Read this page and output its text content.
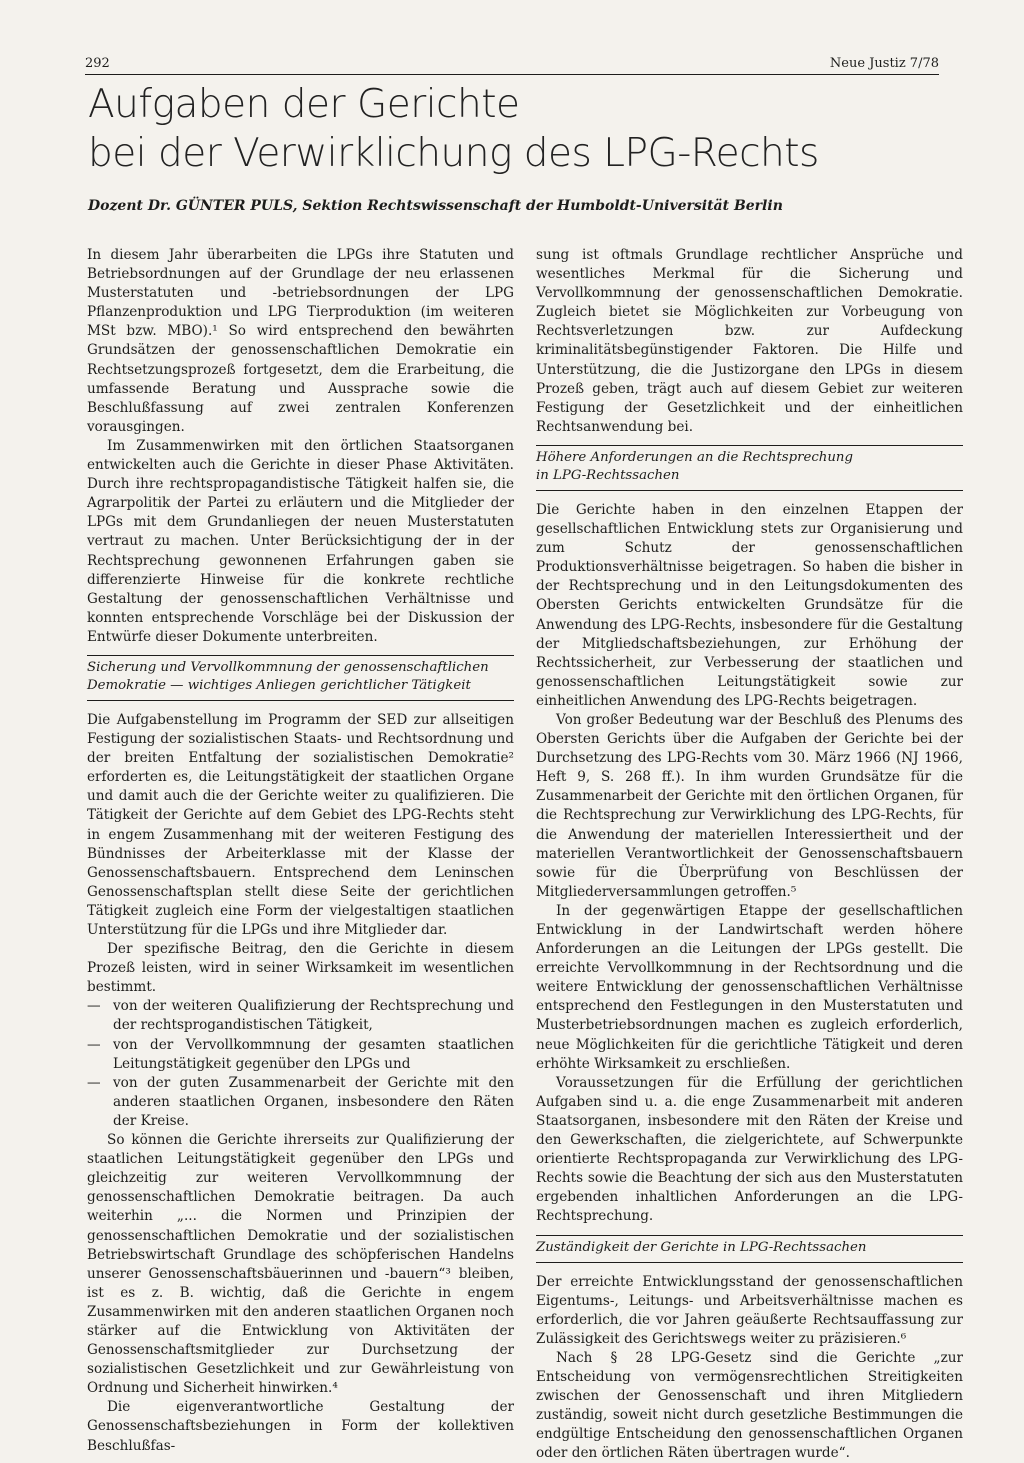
292	Neue Justiz 7/78
Aufgaben der Gerichte
bei der Verwirklichung des LPG-Rechts
Dozent Dr. GÜNTER PULS, Sektion Rechtswissenschaft der Humboldt-Universität Berlin

In diesem Jahr überarbeiten die LPGs ihre Statuten und Betriebsordnungen auf der Grundlage der neu erlassenen Musterstatuten und -betriebsordnungen der LPG Pflanzenproduktion und LPG Tierproduktion (im weiteren MSt bzw. MBO).¹ So wird entsprechend den bewährten Grundsätzen der genossenschaftlichen Demokratie ein Rechtsetzungsprozeß fortgesetzt, dem die Erarbeitung, die umfassende Beratung und Aussprache sowie die Beschlußfassung auf zwei zentralen Konferenzen vorausgingen.

Im Zusammenwirken mit den örtlichen Staatsorganen entwickelten auch die Gerichte in dieser Phase Aktivitäten. Durch ihre rechtspropagandistische Tätigkeit halfen sie, die Agrarpolitik der Partei zu erläutern und die Mitglieder der LPGs mit dem Grundanliegen der neuen Musterstatuten vertraut zu machen. Unter Berücksichtigung der in der Rechtsprechung gewonnenen Erfahrungen gaben sie differenzierte Hinweise für die konkrete rechtliche Gestaltung der genossenschaftlichen Verhältnisse und konnten entsprechende Vorschläge bei der Diskussion der Entwürfe dieser Dokumente unterbreiten.

Sicherung und Vervollkommnung der genossenschaftlichen
Demokratie — wichtiges Anliegen gerichtlicher Tätigkeit

Die Aufgabenstellung im Programm der SED zur allseitigen Festigung der sozialistischen Staats- und Rechtsordnung und der breiten Entfaltung der sozialistischen Demokratie² erforderten es, die Leitungstätigkeit der staatlichen Organe und damit auch die der Gerichte weiter zu qualifizieren. Die Tätigkeit der Gerichte auf dem Gebiet des LPG-Rechts steht in engem Zusammenhang mit der weiteren Festigung des Bündnisses der Arbeiterklasse mit der Klasse der Genossenschaftsbauern. Entsprechend dem Leninschen Genossenschaftsplan stellt diese Seite der gerichtlichen Tätigkeit zugleich eine Form der vielgestaltigen staatlichen Unterstützung für die LPGs und ihre Mitglieder dar.

Der spezifische Beitrag, den die Gerichte in diesem Prozeß leisten, wird in seiner Wirksamkeit im wesentlichen bestimmt.

— von der weiteren Qualifizierung der Rechtsprechung und der rechtsprogandistischen Tätigkeit,
— von der Vervollkommnung der gesamten staatlichen Leitungstätigkeit gegenüber den LPGs und
— von der guten Zusammenarbeit der Gerichte mit den anderen staatlichen Organen, insbesondere den Räten der Kreise.

So können die Gerichte ihrerseits zur Qualifizierung der staatlichen Leitungstätigkeit gegenüber den LPGs und gleichzeitig zur weiteren Vervollkommnung der genossenschaftlichen Demokratie beitragen. Da auch weiterhin „... die Normen und Prinzipien der genossenschaftlichen Demokratie und der sozialistischen Betriebswirtschaft Grundlage des schöpferischen Handelns unserer Genossenschaftsbäuerinnen und -bauern“³ bleiben, ist es z. B. wichtig, daß die Gerichte in engem Zusammenwirken mit den anderen staatlichen Organen noch stärker auf die Entwicklung von Aktivitäten der Genossenschaftsmitglieder zur Durchsetzung der sozialistischen Gesetzlichkeit und zur Gewährleistung von Ordnung und Sicherheit hinwirken.⁴

Die eigenverantwortliche Gestaltung der Genossenschaftsbeziehungen in Form der kollektiven Beschlußfas-

sung ist oftmals Grundlage rechtlicher Ansprüche und wesentliches Merkmal für die Sicherung und Vervollkommnung der genossenschaftlichen Demokratie. Zugleich bietet sie Möglichkeiten zur Vorbeugung von Rechtsverletzungen bzw. zur Aufdeckung kriminalitätsbegünstigender Faktoren. Die Hilfe und Unterstützung, die die Justizorgane den LPGs in diesem Prozeß geben, trägt auch auf diesem Gebiet zur weiteren Festigung der Gesetzlichkeit und der einheitlichen Rechtsanwendung bei.

Höhere Anforderungen an die Rechtsprechung
in LPG-Rechtssachen

Die Gerichte haben in den einzelnen Etappen der gesellschaftlichen Entwicklung stets zur Organisierung und zum Schutz der genossenschaftlichen Produktionsverhältnisse beigetragen. So haben die bisher in der Rechtsprechung und in den Leitungsdokumenten des Obersten Gerichts entwickelten Grundsätze für die Anwendung des LPG-Rechts, insbesondere für die Gestaltung der Mitgliedschaftsbeziehungen, zur Erhöhung der Rechtssicherheit, zur Verbesserung der staatlichen und genossenschaftlichen Leitungstätigkeit sowie zur einheitlichen Anwendung des LPG-Rechts beigetragen.

Von großer Bedeutung war der Beschluß des Plenums des Obersten Gerichts über die Aufgaben der Gerichte bei der Durchsetzung des LPG-Rechts vom 30. März 1966 (NJ 1966, Heft 9, S. 268 ff.). In ihm wurden Grundsätze für die Zusammenarbeit der Gerichte mit den örtlichen Organen, für die Rechtsprechung zur Verwirklichung des LPG-Rechts, für die Anwendung der materiellen Interessiertheit und der materiellen Verantwortlichkeit der Genossenschaftsbauern sowie für die Überprüfung von Beschlüssen der Mitgliederversammlungen getroffen.⁵

In der gegenwärtigen Etappe der gesellschaftlichen Entwicklung in der Landwirtschaft werden höhere Anforderungen an die Leitungen der LPGs gestellt. Die erreichte Vervollkommnung in der Rechtsordnung und die weitere Entwicklung der genossenschaftlichen Verhältnisse entsprechend den Festlegungen in den Musterstatuten und Musterbetriebsordnungen machen es zugleich erforderlich, neue Möglichkeiten für die gerichtliche Tätigkeit und deren erhöhte Wirksamkeit zu erschließen.

Voraussetzungen für die Erfüllung der gerichtlichen Aufgaben sind u. a. die enge Zusammenarbeit mit anderen Staatsorganen, insbesondere mit den Räten der Kreise und den Gewerkschaften, die zielgerichtete, auf Schwerpunkte orientierte Rechtspropaganda zur Verwirklichung des LPG-Rechts sowie die Beachtung der sich aus den Musterstatuten ergebenden inhaltlichen Anforderungen an die LPG-Rechtsprechung.

Zuständigkeit der Gerichte in LPG-Rechtssachen

Der erreichte Entwicklungsstand der genossenschaftlichen Eigentums-, Leitungs- und Arbeitsverhältnisse machen es erforderlich, die vor Jahren geäußerte Rechtsauffassung zur Zulässigkeit des Gerichtswegs weiter zu präzisieren.⁶

Nach § 28 LPG-Gesetz sind die Gerichte „zur Entscheidung von vermögensrechtlichen Streitigkeiten zwischen der Genossenschaft und ihren Mitgliedern zuständig, soweit nicht durch gesetzliche Bestimmungen die endgültige Entscheidung den genossenschaftlichen Organen oder den örtlichen Räten übertragen wurde“.
